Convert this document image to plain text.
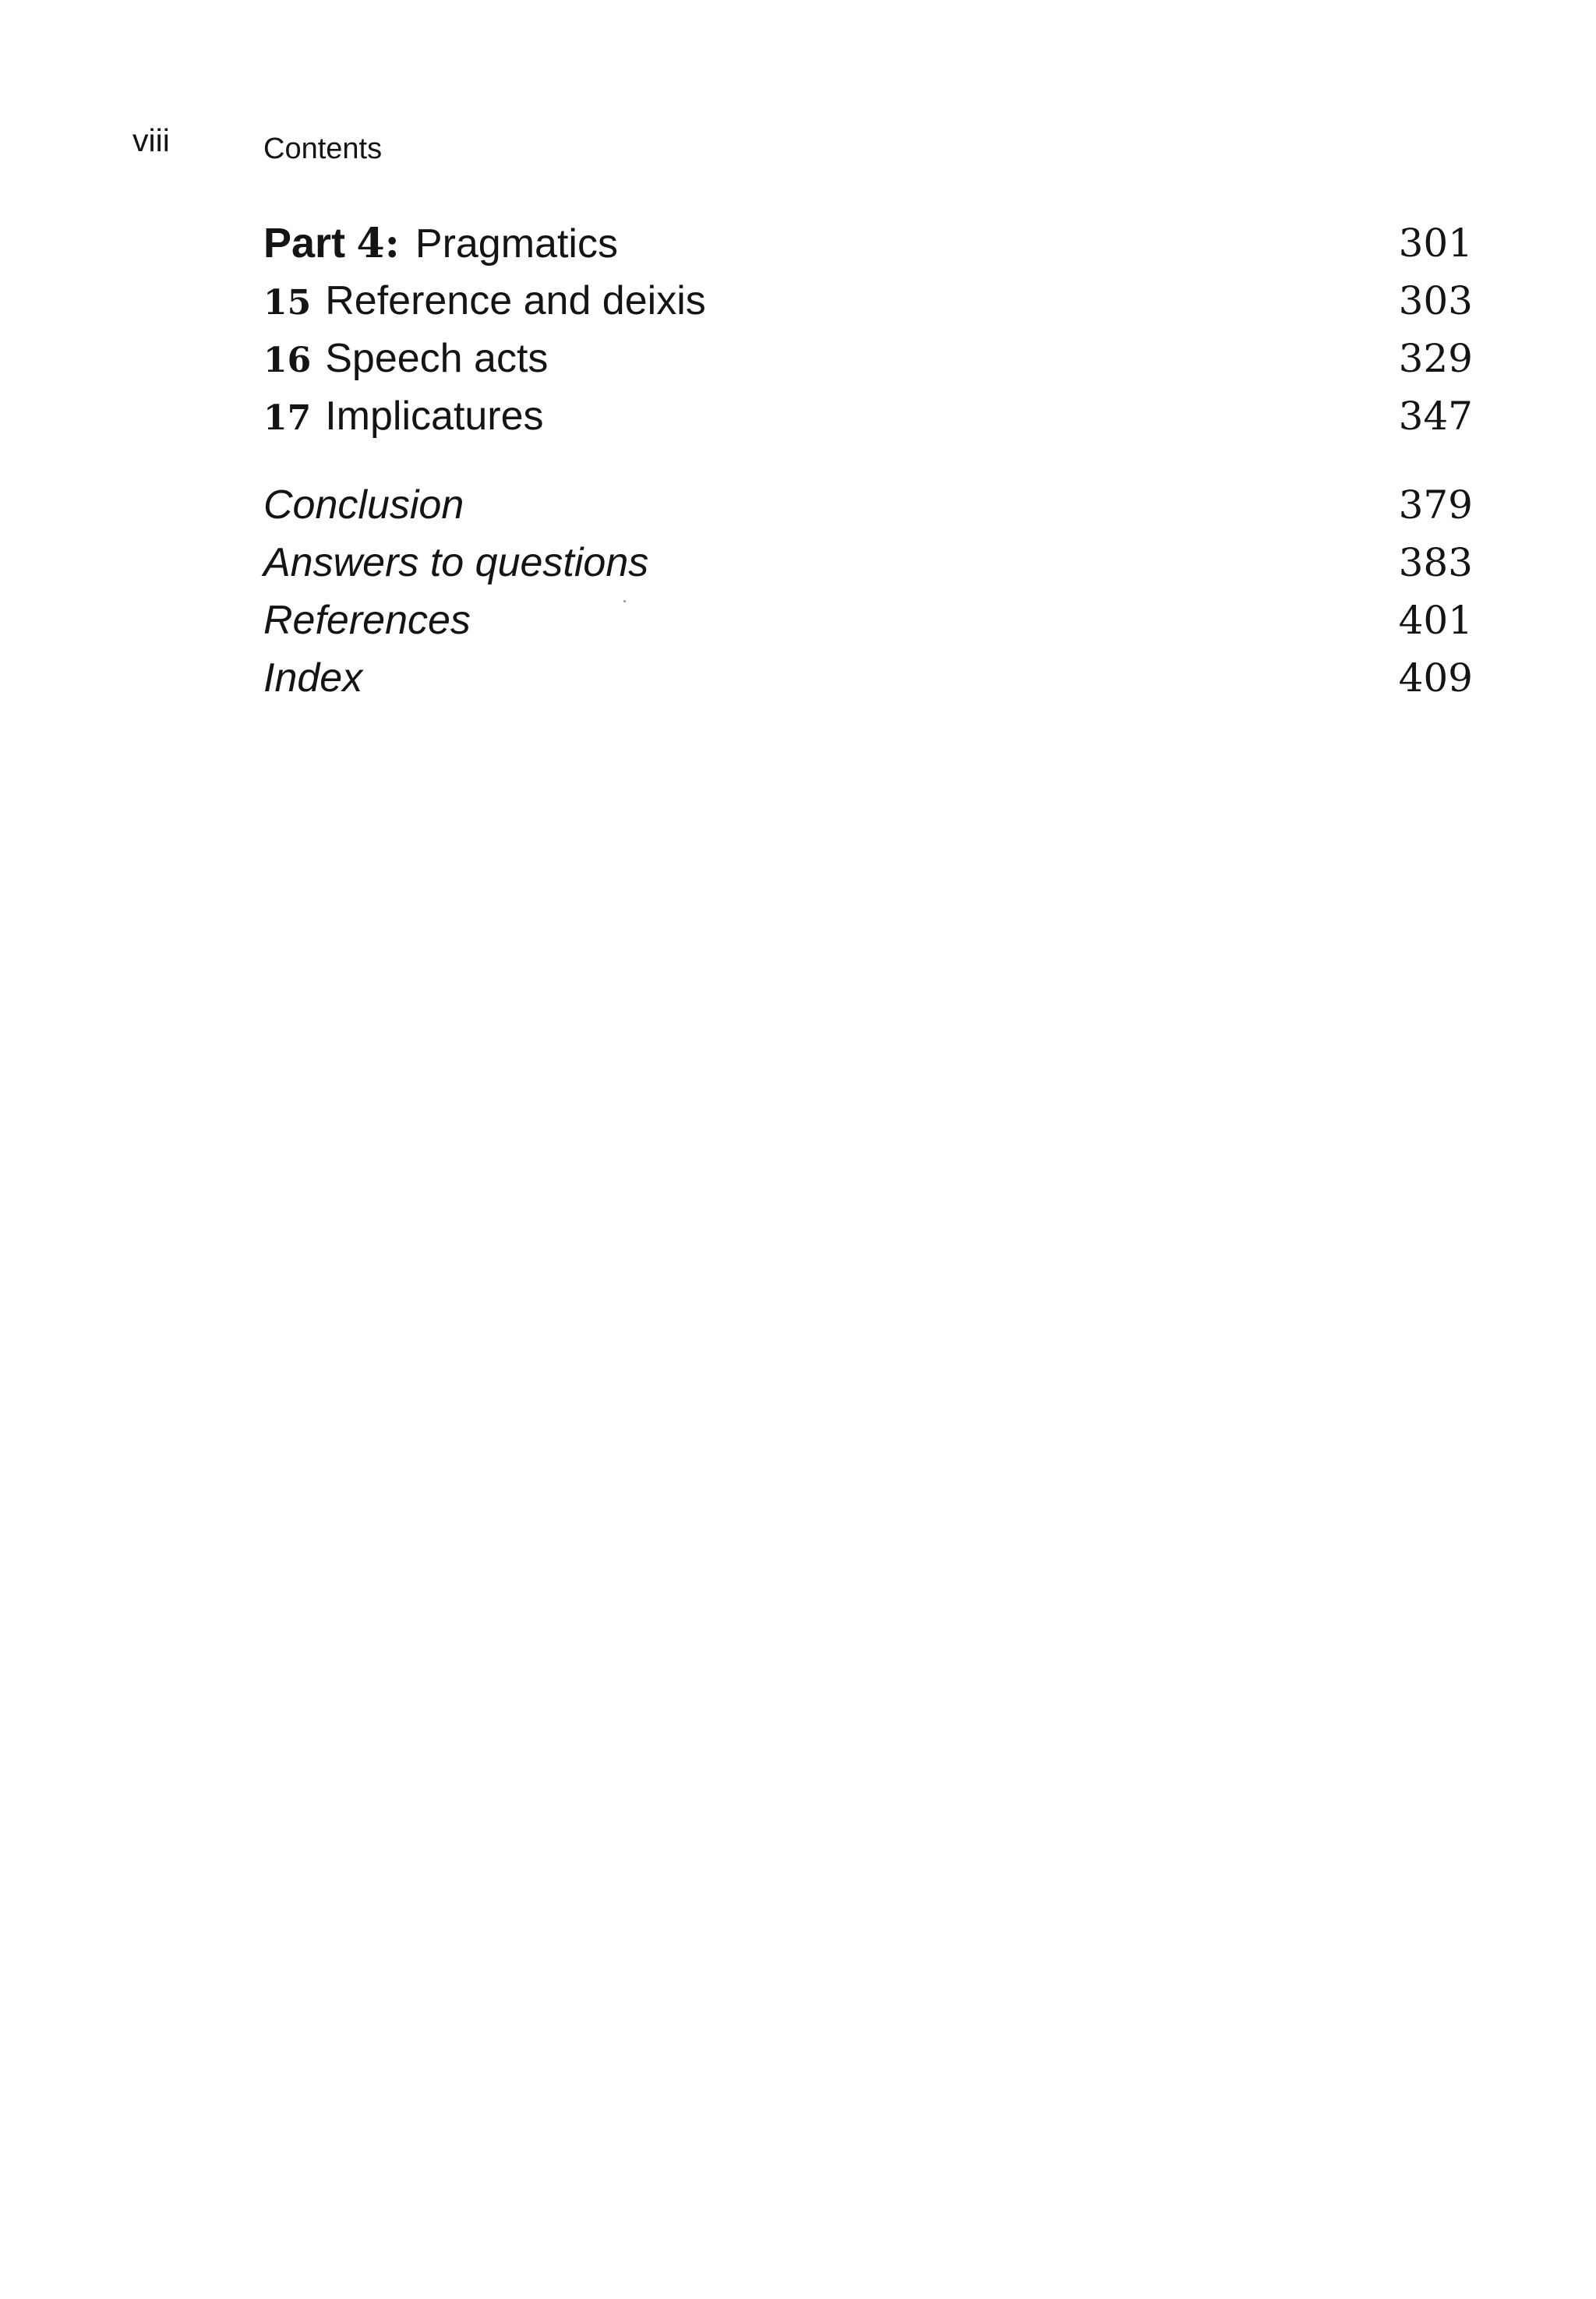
viii	Contents
Part 4: Pragmatics	301
15 Reference and deixis	303
16 Speech acts	329
17 Implicatures	347
Conclusion	379
Answers to questions	383
References	401
Index	409
